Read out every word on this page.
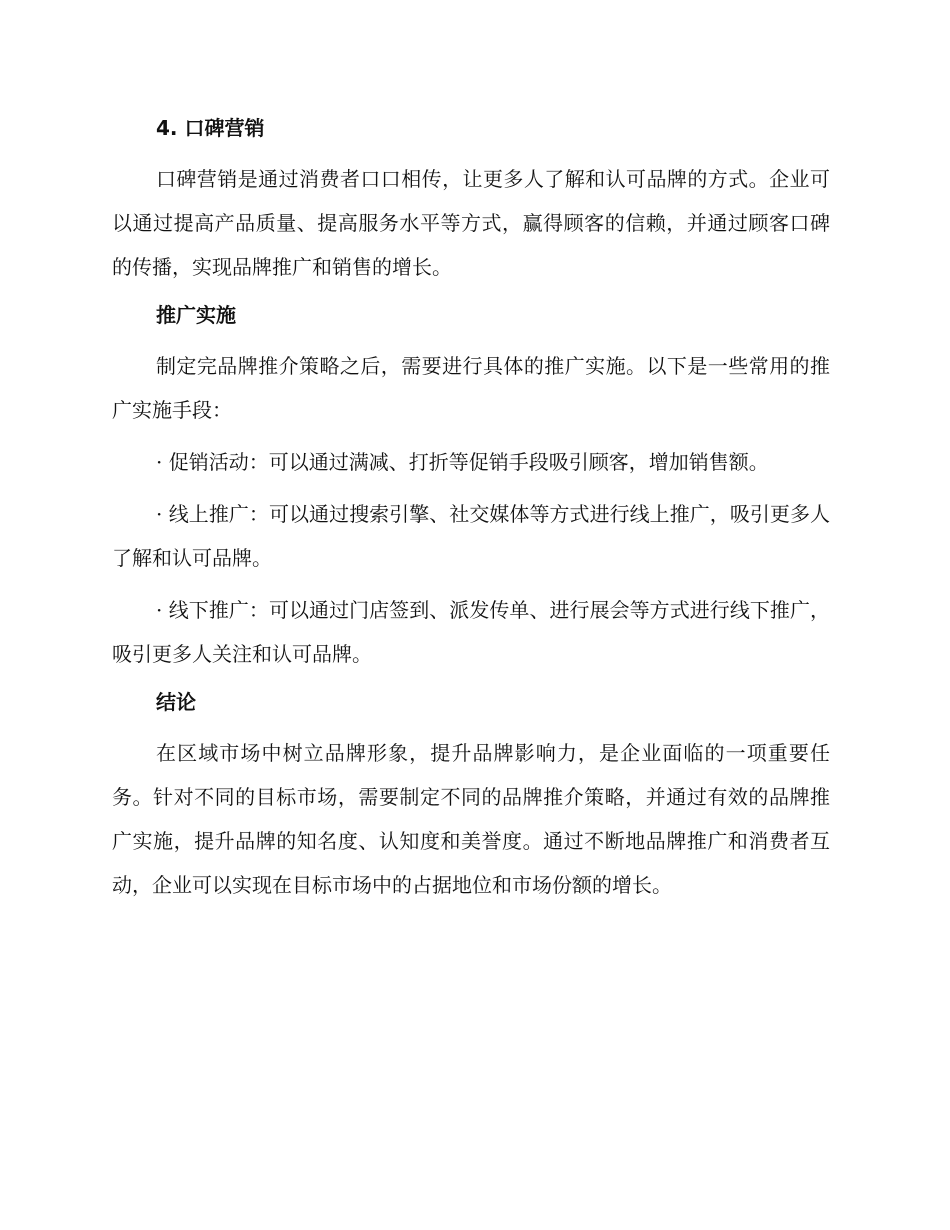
4. 口碑营销

口碑营销是通过消费者口口相传，让更多人了解和认可品牌的方式。企业可以通过提高产品质量、提高服务水平等方式，赢得顾客的信赖，并通过顾客口碑的传播，实现品牌推广和销售的增长。

推广实施

制定完品牌推介策略之后，需要进行具体的推广实施。以下是一些常用的推广实施手段：

· 促销活动：可以通过满减、打折等促销手段吸引顾客，增加销售额。

· 线上推广：可以通过搜索引擎、社交媒体等方式进行线上推广，吸引更多人了解和认可品牌。

· 线下推广：可以通过门店签到、派发传单、进行展会等方式进行线下推广，吸引更多人关注和认可品牌。

结论

在区域市场中树立品牌形象，提升品牌影响力，是企业面临的一项重要任务。针对不同的目标市场，需要制定不同的品牌推介策略，并通过有效的品牌推广实施，提升品牌的知名度、认知度和美誉度。通过不断地品牌推广和消费者互动，企业可以实现在目标市场中的占据地位和市场份额的增长。
